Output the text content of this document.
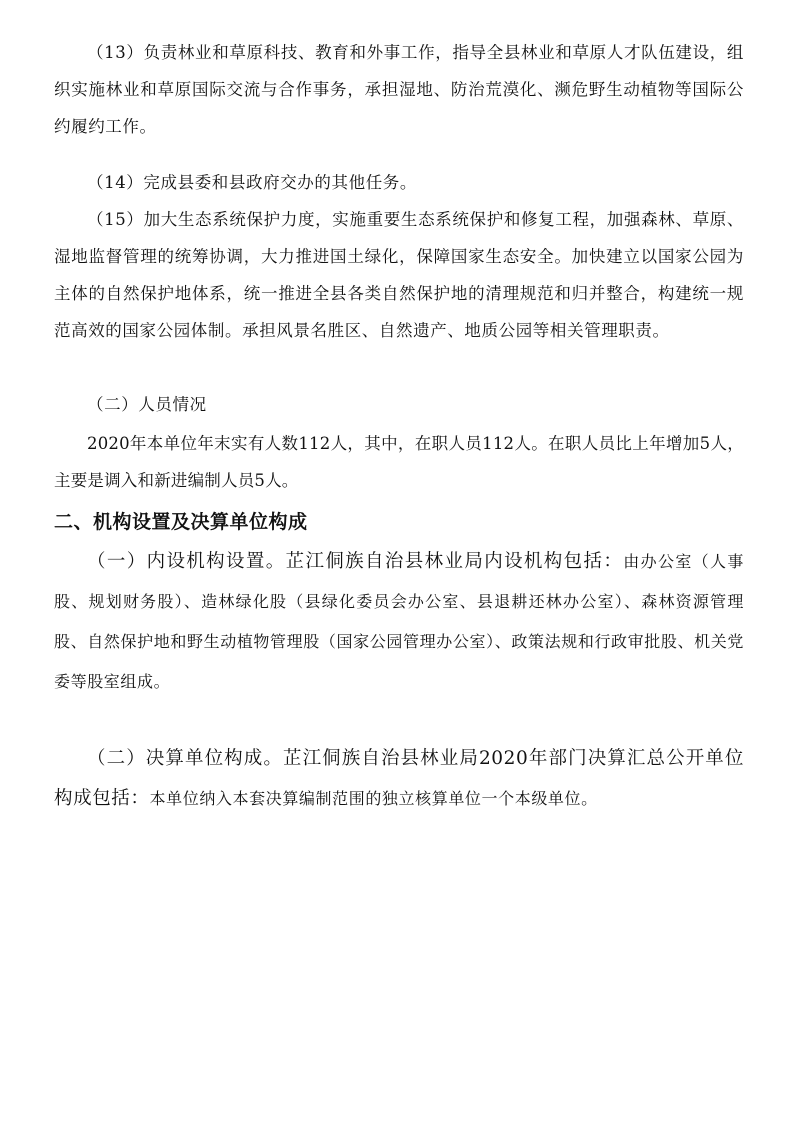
（13）负责林业和草原科技、教育和外事工作，指导全县林业和草原人才队伍建设，组织实施林业和草原国际交流与合作事务，承担湿地、防治荒漠化、濒危野生动植物等国际公约履约工作。

（14）完成县委和县政府交办的其他任务。

（15）加大生态系统保护力度，实施重要生态系统保护和修复工程，加强森林、草原、湿地监督管理的统筹协调，大力推进国土绿化，保障国家生态安全。加快建立以国家公园为主体的自然保护地体系，统一推进全县各类自然保护地的清理规范和归并整合，构建统一规范高效的国家公园体制。承担风景名胜区、自然遗产、地质公园等相关管理职责。

（二）人员情况

2020年本单位年末实有人数112人，其中，在职人员112人。在职人员比上年增加5人，主要是调入和新进编制人员5人。

二、机构设置及决算单位构成

（一）内设机构设置。芷江侗族自治县林业局内设机构包括：由办公室（人事股、规划财务股）、造林绿化股（县绿化委员会办公室、县退耕还林办公室）、森林资源管理股、自然保护地和野生动植物管理股（国家公园管理办公室）、政策法规和行政审批股、机关党委等股室组成。

（二）决算单位构成。芷江侗族自治县林业局2020年部门决算汇总公开单位构成包括：本单位纳入本套决算编制范围的独立核算单位一个本级单位。
